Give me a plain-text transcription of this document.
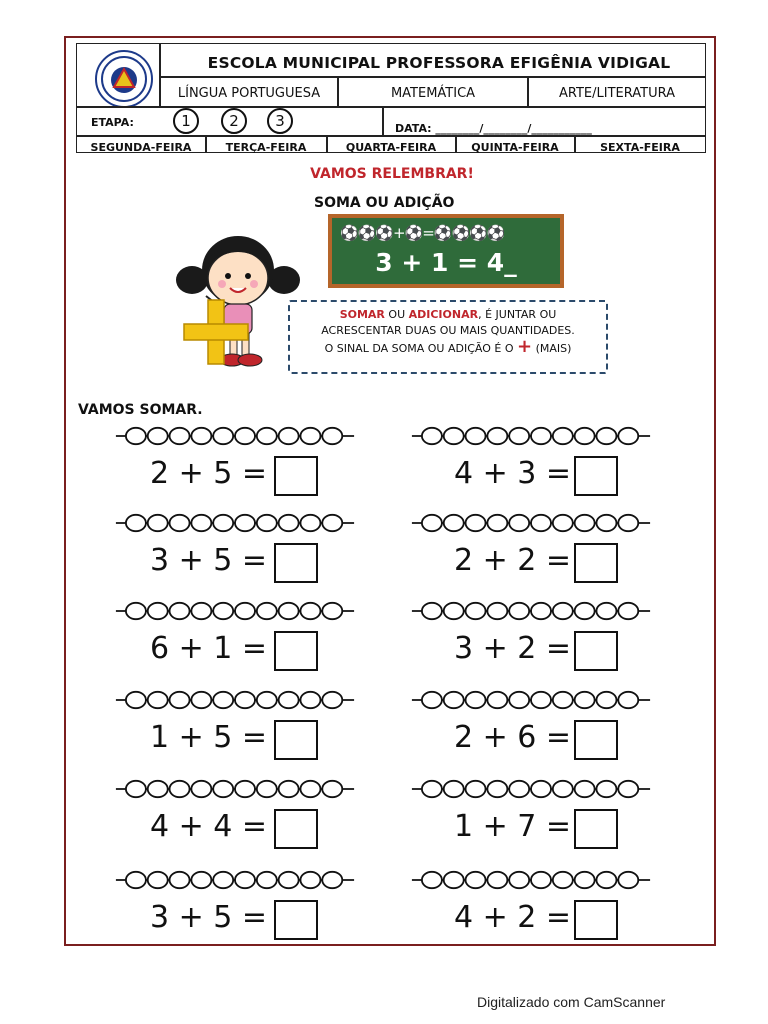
ESCOLA MUNICIPAL PROFESSORA EFIGÊNIA VIDIGAL
LÍNGUA PORTUGUESA	MATEMÁTICA	ARTE/LITERATURA
ETAPA:	1	2	3	DATA: ________/________/___________
SEGUNDA-FEIRA	TERÇA-FEIRA	QUARTA-FEIRA	QUINTA-FEIRA	SEXTA-FEIRA
VAMOS RELEMBRAR!
SOMA OU ADIÇÃO
⚽⚽⚽+⚽=⚽⚽⚽⚽
3 + 1 = 4_
SOMAR OU ADICIONAR, É JUNTAR OU
ACRESCENTAR DUAS OU MAIS QUANTIDADES.
O SINAL DA SOMA OU ADIÇÃO É O + (MAIS)
VAMOS SOMAR.
2 + 5 =	4 + 3 =
3 + 5 =	2 + 2 =
6 + 1 =	3 + 2 =
1 + 5 =	2 + 6 =
4 + 4 =	1 + 7 =
3 + 5 =	4 + 2 =
Digitalizado com CamScanner
